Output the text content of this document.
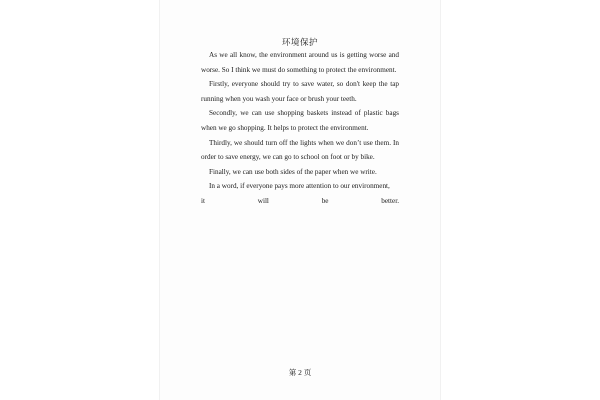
环境保护

As we all know, the environment around us is getting worse and worse. So I think we must do something to protect the environment.

Firstly, everyone should try to save water, so don't keep the tap running when you wash your face or brush your teeth.

Secondly, we can use shopping baskets instead of plastic bags when we go shopping. It helps to protect the environment.

Thirdly, we should turn off the lights when we don’t use them. In order to save energy, we can go to school on foot or by bike.

Finally, we can use both sides of the paper when we write.

In a word, if everyone pays more attention to our environment,

it	will	be	better.
第 2 页
